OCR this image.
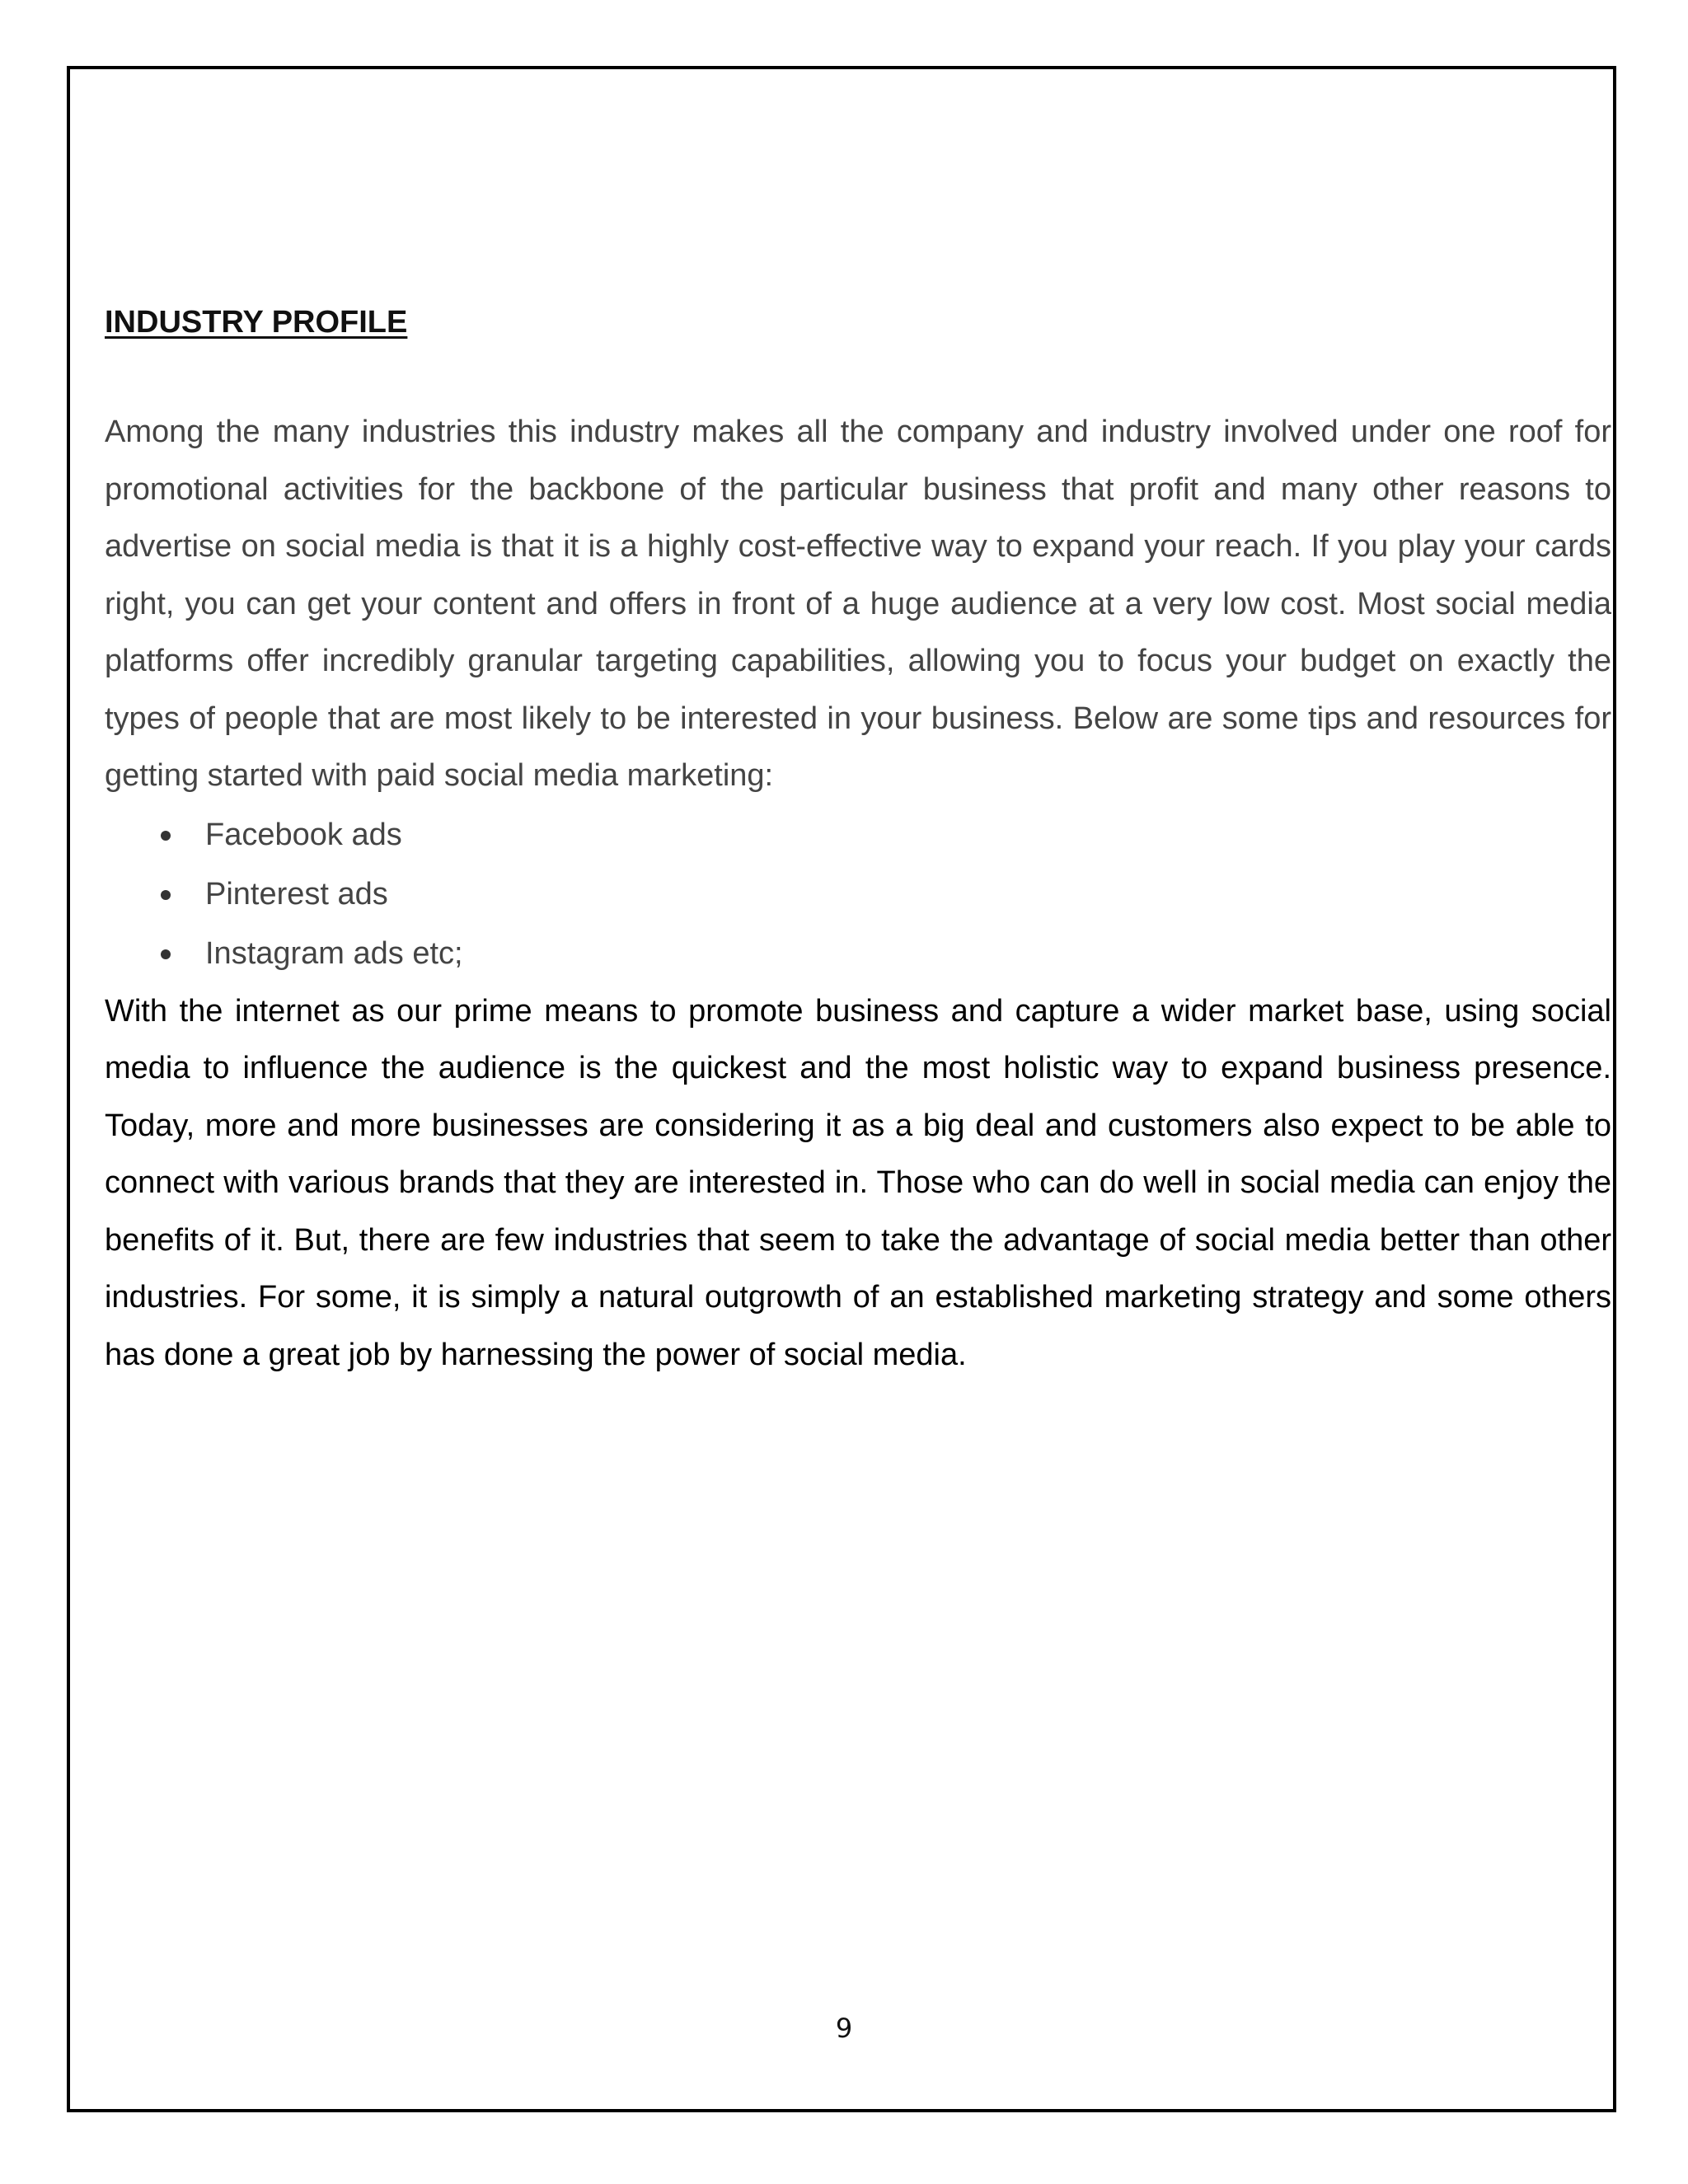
INDUSTRY PROFILE

Among the many industries this industry makes all the company and industry involved under one roof for promotional activities for the backbone of the particular business that profit and many other reasons to advertise on social media is that it is a highly cost-effective way to expand your reach. If you play your cards right, you can get your content and offers in front of a huge audience at a very low cost. Most social media platforms offer incredibly granular targeting capabilities, allowing you to focus your budget on exactly the types of people that are most likely to be interested in your business. Below are some tips and resources for getting started with paid social media marketing:

Facebook ads
Pinterest ads
Instagram ads etc;

With the internet as our prime means to promote business and capture a wider market base, using social media to influence the audience is the quickest and the most holistic way to expand business presence. Today, more and more businesses are considering it as a big deal and customers also expect to be able to connect with various brands that they are interested in. Those who can do well in social media can enjoy the benefits of it. But, there are few industries that seem to take the advantage of social media better than other industries. For some, it is simply a natural outgrowth of an established marketing strategy and some others has done a great job by harnessing the power of social media.

9
